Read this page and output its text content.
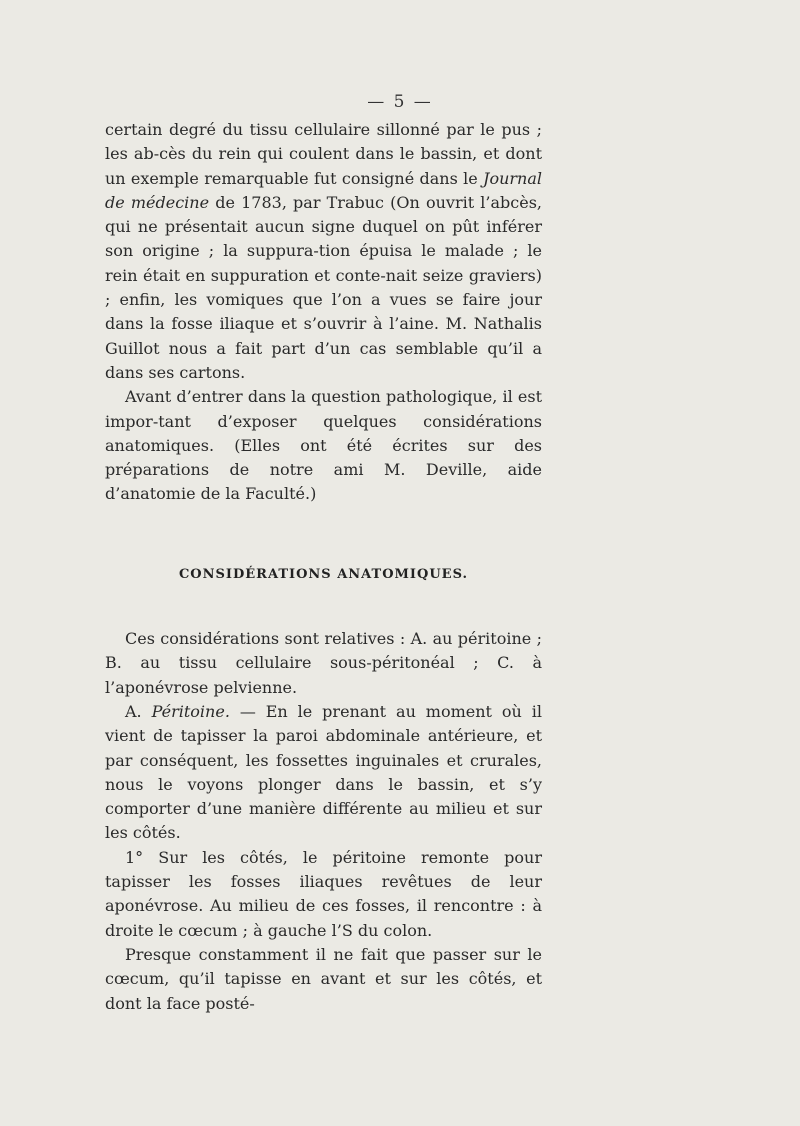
— 5 —

certain degré du tissu cellulaire sillonné par le pus ; les ab-cès du rein qui coulent dans le bassin, et dont un exemple remarquable fut consigné dans le Journal de médecine de 1783, par Trabuc (On ouvrit l’abcès, qui ne présentait aucun signe duquel on pût inférer son origine ; la suppura-tion épuisa le malade ; le rein était en suppuration et conte-nait seize graviers) ; enfin, les vomiques que l’on a vues se faire jour dans la fosse iliaque et s’ouvrir à l’aine. M. Nathalis Guillot nous a fait part d’un cas semblable qu’il a dans ses cartons.

Avant d’entrer dans la question pathologique, il est impor-tant d’exposer quelques considérations anatomiques. (Elles ont été écrites sur des préparations de notre ami M. Deville, aide d’anatomie de la Faculté.)

CONSIDÉRATIONS ANATOMIQUES.

Ces considérations sont relatives : A. au péritoine ; B. au tissu cellulaire sous-péritonéal ; C. à l’aponévrose pelvienne.

A. Péritoine. — En le prenant au moment où il vient de tapisser la paroi abdominale antérieure, et par conséquent, les fossettes inguinales et crurales, nous le voyons plonger dans le bassin, et s’y comporter d’une manière différente au milieu et sur les côtés.

1° Sur les côtés, le péritoine remonte pour tapisser les fosses iliaques revêtues de leur aponévrose. Au milieu de ces fosses, il rencontre : à droite le cœcum ; à gauche l’S du colon.

Presque constamment il ne fait que passer sur le cœcum, qu’il tapisse en avant et sur les côtés, et dont la face posté-
